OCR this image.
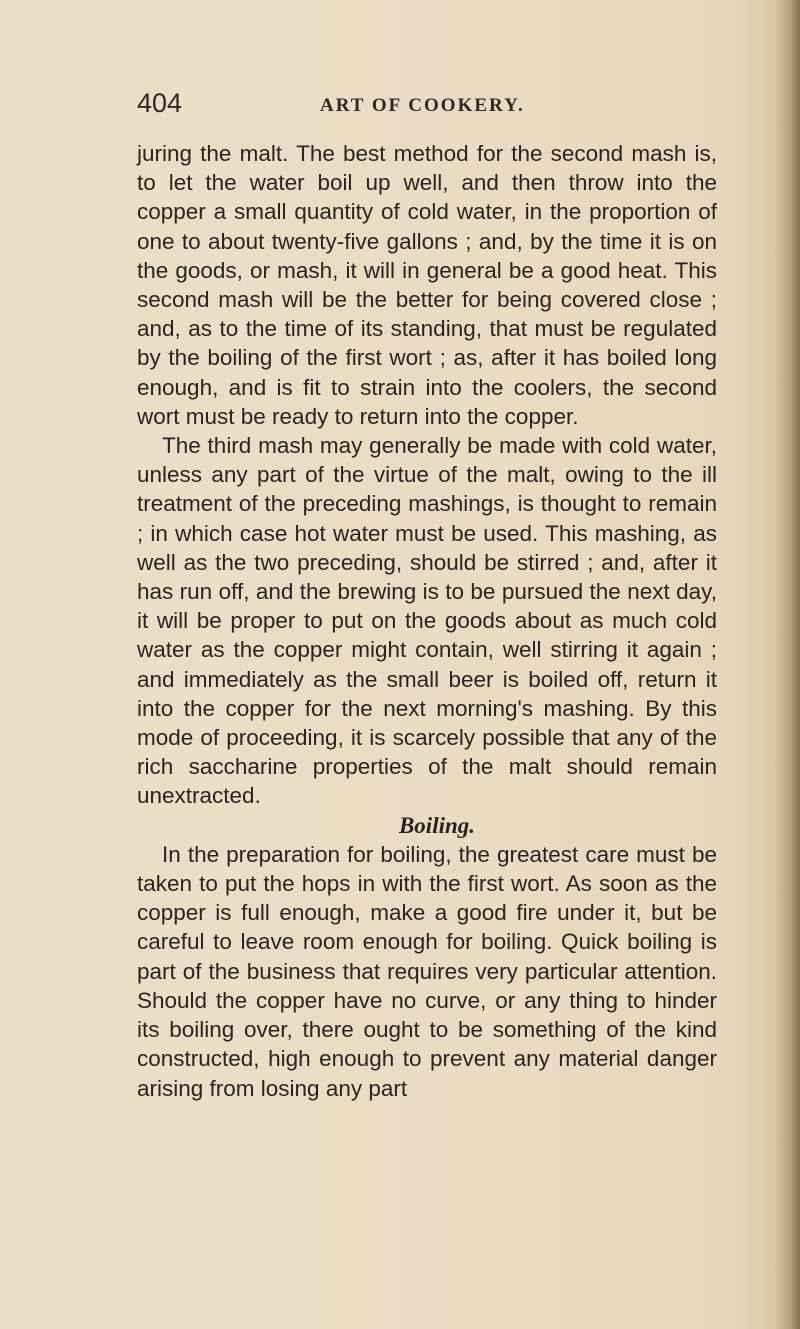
404	ART OF COOKERY.

juring the malt. The best method for the second mash is, to let the water boil up well, and then throw into the copper a small quantity of cold water, in the proportion of one to about twenty-five gallons ; and, by the time it is on the goods, or mash, it will in general be a good heat. This second mash will be the better for being covered close ; and, as to the time of its standing, that must be regulated by the boiling of the first wort ; as, after it has boiled long enough, and is fit to strain into the coolers, the second wort must be ready to return into the copper.

The third mash may generally be made with cold water, unless any part of the virtue of the malt, owing to the ill treatment of the preceding mashings, is thought to remain ; in which case hot water must be used. This mashing, as well as the two preceding, should be stirred ; and, after it has run off, and the brewing is to be pursued the next day, it will be proper to put on the goods about as much cold water as the copper might contain, well stirring it again ; and immediately as the small beer is boiled off, return it into the copper for the next morning's mashing. By this mode of proceeding, it is scarcely possible that any of the rich saccharine properties of the malt should remain unextracted.

Boiling.

In the preparation for boiling, the greatest care must be taken to put the hops in with the first wort. As soon as the copper is full enough, make a good fire under it, but be careful to leave room enough for boiling. Quick boiling is part of the business that requires very particular attention. Should the copper have no curve, or any thing to hinder its boiling over, there ought to be something of the kind constructed, high enough to prevent any material danger arising from losing any part
